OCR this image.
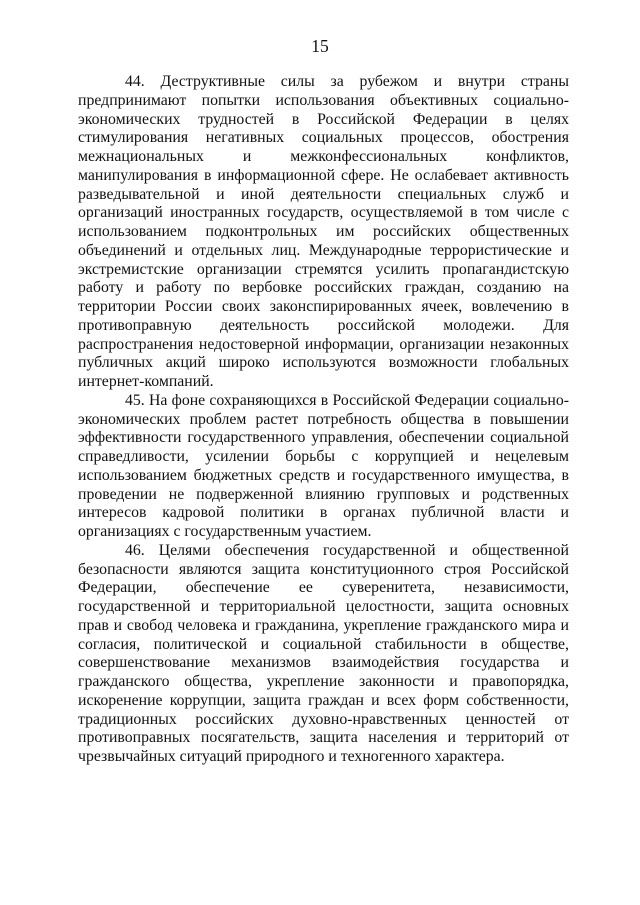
15

44. Деструктивные силы за рубежом и внутри страны предпринимают попытки использования объективных социально-экономических трудностей в Российской Федерации в целях стимулирования негативных социальных процессов, обострения межнациональных и межконфессиональных конфликтов, манипулирования в информационной сфере. Не ослабевает активность разведывательной и иной деятельности специальных служб и организаций иностранных государств, осуществляемой в том числе с использованием подконтрольных им российских общественных объединений и отдельных лиц. Международные террористические и экстремистские организации стремятся усилить пропагандистскую работу и работу по вербовке российских граждан, созданию на территории России своих законспирированных ячеек, вовлечению в противоправную деятельность российской молодежи. Для распространения недостоверной информации, организации незаконных публичных акций широко используются возможности глобальных интернет-компаний.

45. На фоне сохраняющихся в Российской Федерации социально-экономических проблем растет потребность общества в повышении эффективности государственного управления, обеспечении социальной справедливости, усилении борьбы с коррупцией и нецелевым использованием бюджетных средств и государственного имущества, в проведении не подверженной влиянию групповых и родственных интересов кадровой политики в органах публичной власти и организациях с государственным участием.

46. Целями обеспечения государственной и общественной безопасности являются защита конституционного строя Российской Федерации, обеспечение ее суверенитета, независимости, государственной и территориальной целостности, защита основных прав и свобод человека и гражданина, укрепление гражданского мира и согласия, политической и социальной стабильности в обществе, совершенствование механизмов взаимодействия государства и гражданского общества, укрепление законности и правопорядка, искоренение коррупции, защита граждан и всех форм собственности, традиционных российских духовно-нравственных ценностей от противоправных посягательств, защита населения и территорий от чрезвычайных ситуаций природного и техногенного характера.
